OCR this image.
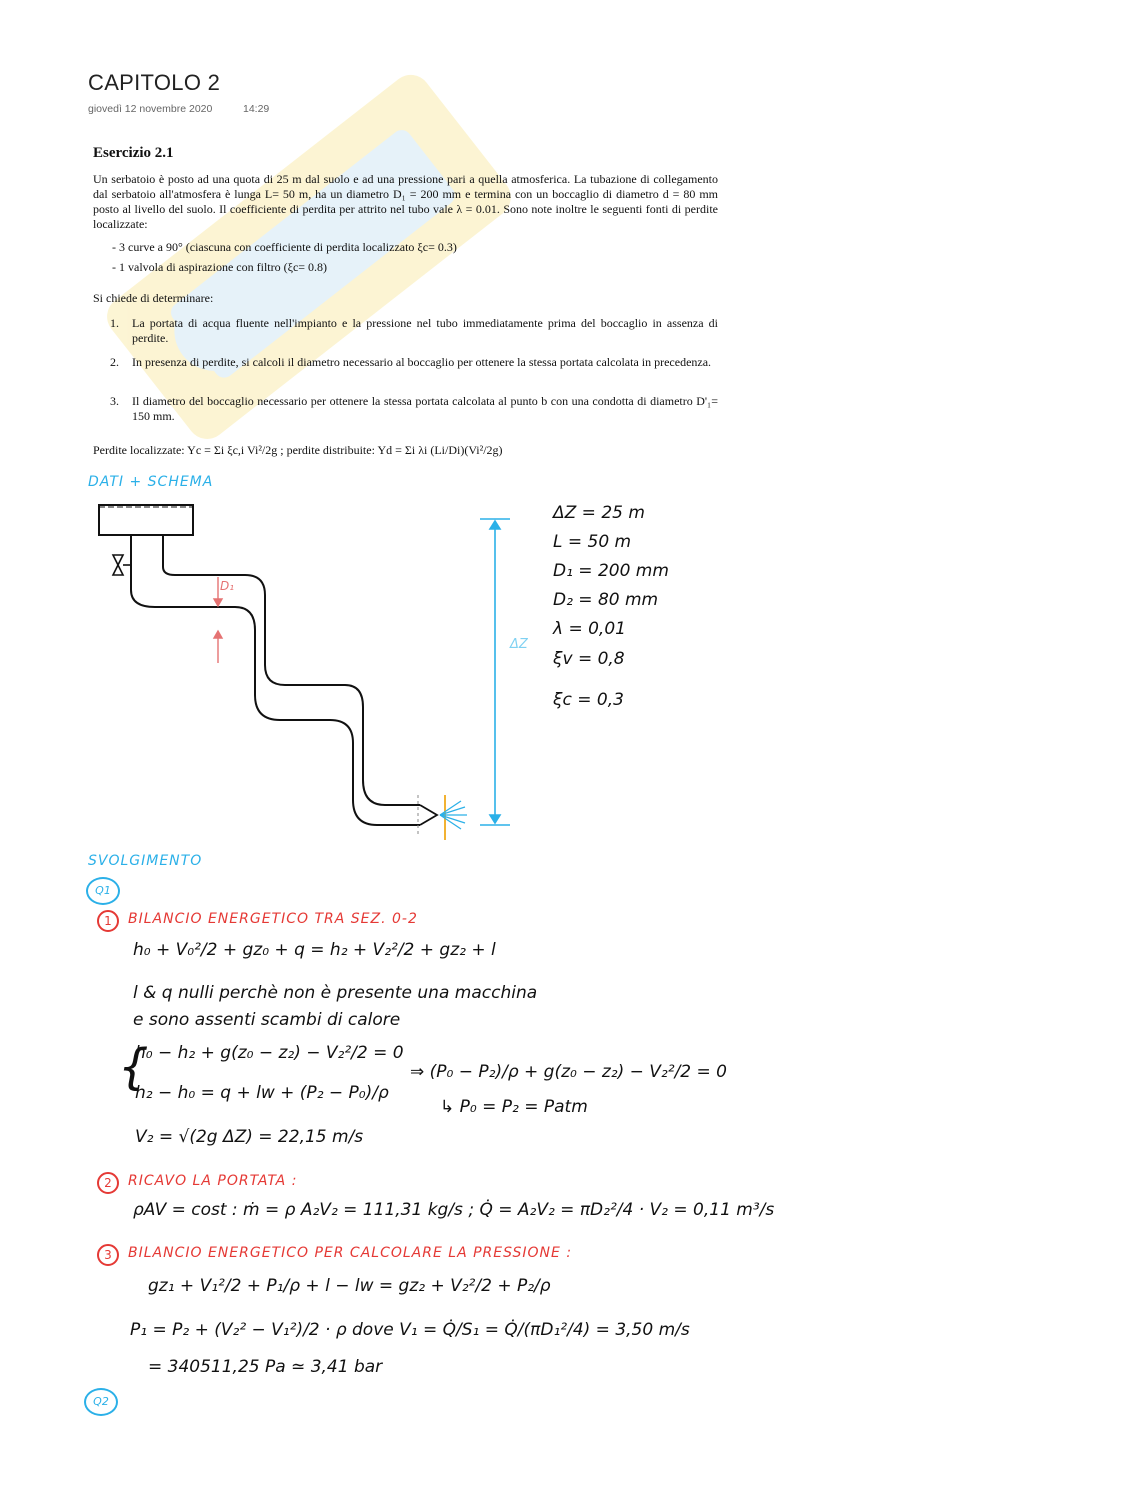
CAPITOLO 2
giovedì 12 novembre 2020	14:29
Esercizio 2.1
Un serbatoio è posto ad una quota di 25 m dal suolo e ad una pressione pari a quella atmosferica. La tubazione di collegamento dal serbatoio all'atmosfera è lunga L= 50 m, ha un diametro D₁ = 200 mm e termina con un boccaglio di diametro d = 80 mm posto al livello del suolo. Il coefficiente di perdita per attrito nel tubo vale λ = 0.01. Sono note inoltre le seguenti fonti di perdite localizzate:
- 3 curve a 90° (ciascuna con coefficiente di perdita localizzato ξc= 0.3)
- 1 valvola di aspirazione con filtro (ξc= 0.8)
Si chiede di determinare:
1. La portata di acqua fluente nell'impianto e la pressione nel tubo immediatamente prima del boccaglio in assenza di perdite.
2. In presenza di perdite, si calcoli il diametro necessario al boccaglio per ottenere la stessa portata calcolata in precedenza.
3. Il diametro del boccaglio necessario per ottenere la stessa portata calcolata al punto b con una condotta di diametro D'₁= 150 mm.
Perdite localizzate: Yc = Σi ξc,i Vi²/2g ; perdite distribuite: Yd = Σi λi (Li/Di)(Vi²/2g)
DATI + SCHEMA
D₁
ΔZ
ΔZ = 25 m
L = 50 m
D₁ = 200 mm
D₂ = 80 mm
λ = 0,01
ξv = 0,8
ξc = 0,3
SVOLGIMENTO
Q1
1	BILANCIO ENERGETICO TRA SEZ. 0-2
h₀ + V₀²/2 + gz₀ + q = h₂ + V₂²/2 + gz₂ + l
l & q nulli perchè non è presente una macchina
e sono assenti scambi di calore
{
h₀ − h₂ + g(z₀ − z₂) − V₂²/2 = 0
h₂ − h₀ = q + lw + (P₂ − P₀)/ρ
⇒ (P₀ − P₂)/ρ + g(z₀ − z₂) − V₂²/2 = 0
↳ P₀ = P₂ = Patm
V₂ = √(2g ΔZ) = 22,15 m/s
2	RICAVO LA PORTATA :
ρAV = cost : ṁ = ρ A₂V₂ = 111,31 kg/s ; Q̇ = A₂V₂ = πD₂²/4 · V₂ = 0,11 m³/s
3	BILANCIO ENERGETICO PER CALCOLARE LA PRESSIONE :
gz₁ + V₁²/2 + P₁/ρ + l − lw = gz₂ + V₂²/2 + P₂/ρ
P₁ = P₂ + (V₂² − V₁²)/2 · ρ dove V₁ = Q̇/S₁ = Q̇/(πD₁²/4) = 3,50 m/s
= 340511,25 Pa ≃ 3,41 bar
Q2
